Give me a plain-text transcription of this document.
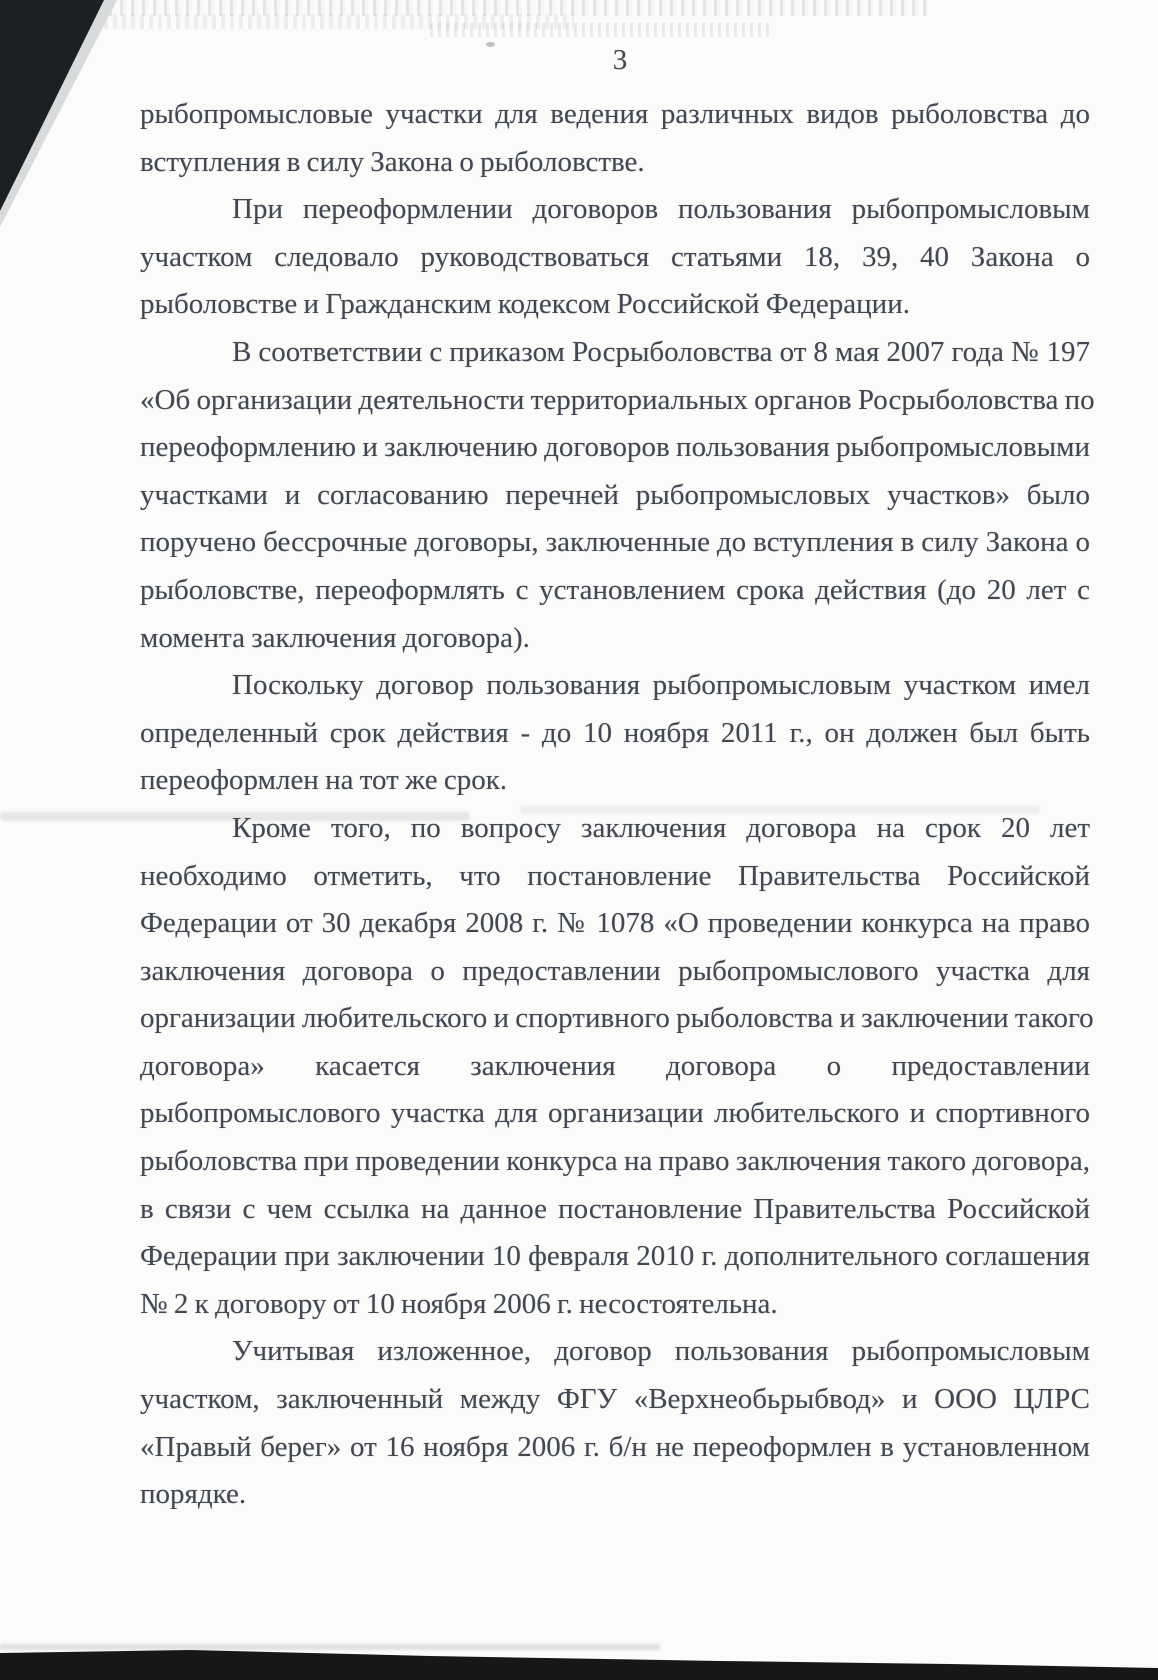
3
рыбопромысловые участки для ведения различных видов рыболовства до
вступления в силу Закона о рыболовстве.
При переоформлении договоров пользования рыбопромысловым
участком следовало руководствоваться статьями 18, 39, 40 Закона о
рыболовстве и Гражданским кодексом Российской Федерации.
В соответствии с приказом Росрыболовства от 8 мая 2007 года № 197
«Об организации деятельности территориальных органов Росрыболовства по
переоформлению и заключению договоров пользования рыбопромысловыми
участками и согласованию перечней рыбопромысловых участков» было
поручено бессрочные договоры, заключенные до вступления в силу Закона о
рыболовстве, переоформлять с установлением срока действия (до 20 лет с
момента заключения договора).
Поскольку договор пользования рыбопромысловым участком имел
определенный срок действия - до 10 ноября 2011 г., он должен был быть
переоформлен на тот же срок.
Кроме того, по вопросу заключения договора на срок 20 лет
необходимо отметить, что постановление Правительства Российской
Федерации от 30 декабря 2008 г. № 1078 «О проведении конкурса на право
заключения договора о предоставлении рыбопромыслового участка для
организации любительского и спортивного рыболовства и заключении такого
договора» касается заключения договора о предоставлении
рыбопромыслового участка для организации любительского и спортивного
рыболовства при проведении конкурса на право заключения такого договора,
в связи с чем ссылка на данное постановление Правительства Российской
Федерации при заключении 10 февраля 2010 г. дополнительного соглашения
№ 2 к договору от 10 ноября 2006 г. несостоятельна.
Учитывая изложенное, договор пользования рыбопромысловым
участком, заключенный между ФГУ «Верхнеобьрыбвод» и ООО ЦЛРС
«Правый берег» от 16 ноября 2006 г. б/н не переоформлен в установленном
порядке.
